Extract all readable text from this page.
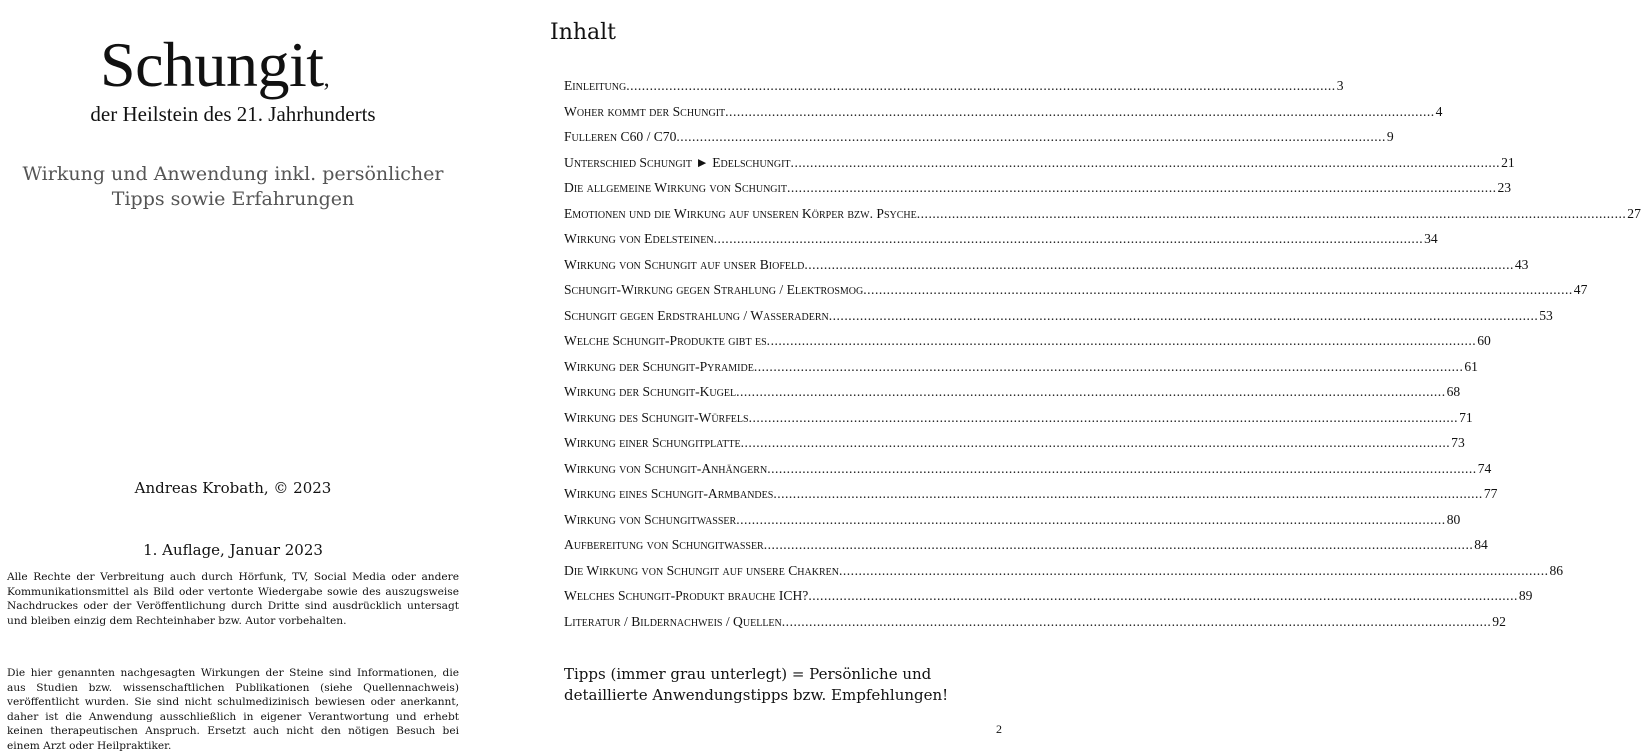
Schungit,
der Heilstein des 21. Jahrhunderts
Wirkung und Anwendung inkl. persönlicher Tipps sowie Erfahrungen
Andreas Krobath, © 2023
1. Auflage, Januar 2023

Alle Rechte der Verbreitung auch durch Hörfunk, TV, Social Media oder andere Kommunikationsmittel als Bild oder vertonte Wiedergabe sowie des auszugsweise Nachdruckes oder der Veröffentlichung durch Dritte sind ausdrücklich untersagt und bleiben einzig dem Rechteinhaber bzw. Autor vorbehalten.

Die hier genannten nachgesagten Wirkungen der Steine sind Informationen, die aus Studien bzw. wissenschaftlichen Publikationen (siehe Quellennachweis) veröffentlicht wurden. Sie sind nicht schulmedizinisch bewiesen oder anerkannt, daher ist die Anwendung ausschließlich in eigener Verantwortung und erhebt keinen therapeutischen Anspruch. Ersetzt auch nicht den nötigen Besuch bei einem Arzt oder Heilpraktiker.

Inhalt
Einleitung .....	3
Woher kommt der Schungit .....	4
Fulleren C60 / C70 .....	9
Unterschied Schungit ► Edelschungit .....	21
Die allgemeine Wirkung von Schungit .....	23
Emotionen und die Wirkung auf unseren Körper bzw. Psyche .....	27
Wirkung von Edelsteinen .....	34
Wirkung von Schungit auf unser Biofeld .....	43
Schungit-Wirkung gegen Strahlung / Elektrosmog .....	47
Schungit gegen Erdstrahlung / Wasseradern .....	53
Welche Schungit-Produkte gibt es .....	60
Wirkung der Schungit-Pyramide .....	61
Wirkung der Schungit-Kugel .....	68
Wirkung des Schungit-Würfels .....	71
Wirkung einer Schungitplatte .....	73
Wirkung von Schungit-Anhängern .....	74
Wirkung eines Schungit-Armbandes .....	77
Wirkung von Schungitwasser .....	80
Aufbereitung von Schungitwasser .....	84
Die Wirkung von Schungit auf unsere Chakren .....	86
Welches Schungit-Produkt brauche ICH? .....	89
Literatur / Bildernachweis / Quellen .....	92
Tipps (immer grau unterlegt) = Persönliche und detaillierte Anwendungstipps bzw. Empfehlungen!
2
